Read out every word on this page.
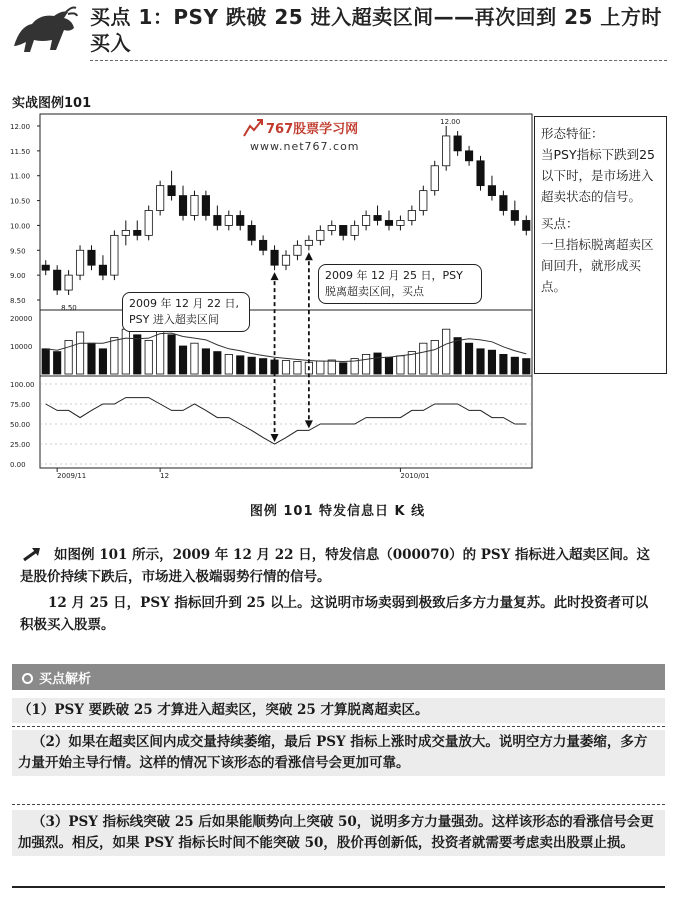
买点 1：PSY 跌破 25 进入超卖区间——再次回到 25 上方时买入
实战图例101
12.00
11.50
11.00
10.50
10.00
9.50
9.00
8.50
12.00
8.50
20000
10000
100.00
75.00
50.00
25.00
0.00
2009/11	12	2010/01
767股票学习网
www.net767.com
2009 年 12 月 22 日,
PSY 进入超卖区间
2009 年 12 月 25 日，PSY
脱离超卖区间，买点
形态特征：
当PSY指标下跌到25以下时，是市场进入超卖状态的信号。
买点：
一旦指标脱离超卖区间回升，就形成买点。
图例 101 特发信息日 K 线
如图例 101 所示，2009 年 12 月 22 日，特发信息（000070）的 PSY 指标进入超卖区间。这是股价持续下跌后，市场进入极端弱势行情的信号。
12 月 25 日，PSY 指标回升到 25 以上。这说明市场卖弱到极致后多方力量复苏。此时投资者可以积极买入股票。
买点解析
（1）PSY 要跌破 25 才算进入超卖区，突破 25 才算脱离超卖区。
（2）如果在超卖区间内成交量持续萎缩，最后 PSY 指标上涨时成交量放大。说明空方力量萎缩，多方力量开始主导行情。这样的情况下该形态的看涨信号会更加可靠。
（3）PSY 指标线突破 25 后如果能顺势向上突破 50，说明多方力量强劲。这样该形态的看涨信号会更加强烈。相反，如果 PSY 指标长时间不能突破 50，股价再创新低，投资者就需要考虑卖出股票止损。
